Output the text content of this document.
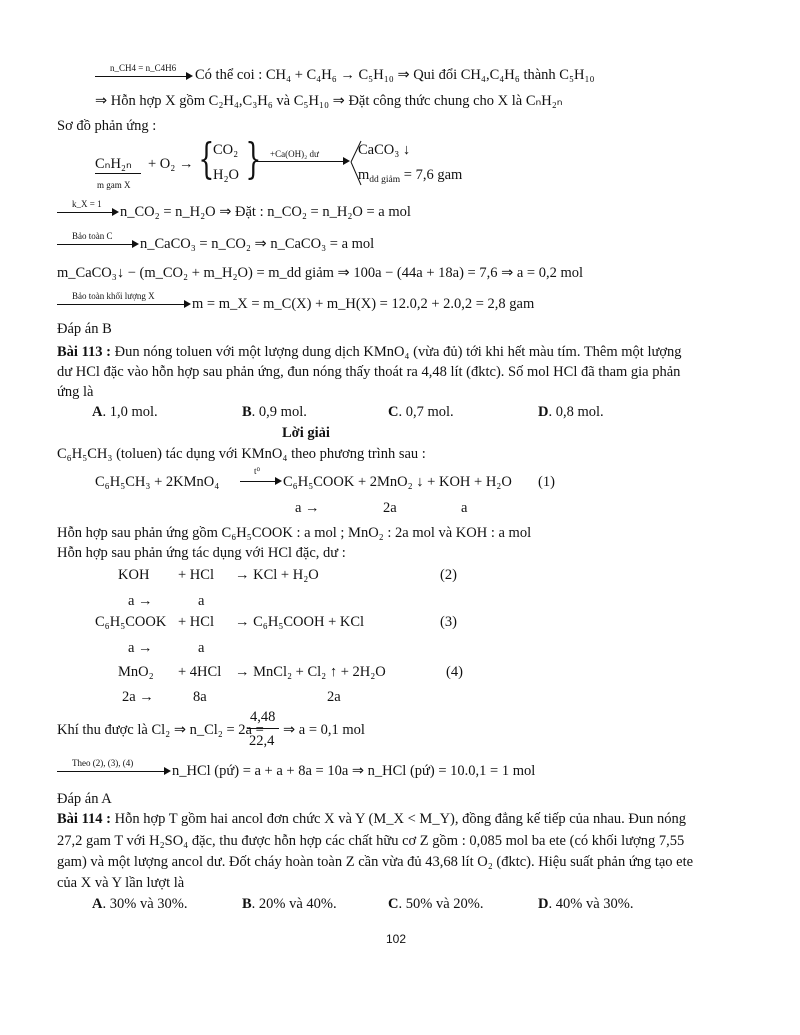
n_CH4 = n_C4H6 Có thể coi : CH₄ + C₄H₆ → C₅H₁₀ ⇒ Qui đổi CH₄,C₄H₆ thành C₅H₁₀
⇒ Hỗn hợp X gồm C₂H₄,C₃H₆ và C₅H₁₀ ⇒ Đặt công thức chung cho X là CₙH₂ₙ
Sơ đồ phản ứng :
CₙH₂ₙ
m gam X
+ O₂ → {
CO₂
H₂O } +Ca(OH)₂ dư	CaCO₃ ↓
$m_{dd giảm} = 7,6$ gam
k_X = 1 n_CO₂ = n_H₂O ⇒ Đặt : n_CO₂ = n_H₂O = a mol
Bảo toàn C n_CaCO₃ = n_CO₂ ⇒ n_CaCO₃ = a mol
m_CaCO₃↓ − (m_CO₂ + m_H₂O) = m_dd giảm ⇒ 100a − (44a + 18a) = 7,6 ⇒ a = 0,2 mol
Bảo toàn khối lượng X	m = m_X = m_C(X) + m_H(X) = 12.0,2 + 2.0,2 = 2,8 gam
Đáp án B
Bài 113 : Đun nóng toluen với một lượng dung dịch KMnO₄ (vừa đủ) tới khi hết màu tím. Thêm một lượng
dư HCl đặc vào hỗn hợp sau phản ứng, đun nóng thấy thoát ra 4,48 lít (đktc). Số mol HCl đã tham gia phản
ứng là
A. 1,0 mol.	B. 0,9 mol.	C. 0,7 mol.	D. 0,8 mol.
Lời giải
C₆H₅CH₃ (toluen) tác dụng với KMnO₄ theo phương trình sau :
C₆H₅CH₃ + 2KMnO₄
t⁰
C₆H₅COOK + 2MnO₂ ↓ + KOH + H₂O (1)
a →	2a	a
Hỗn hợp sau phản ứng gồm C₆H₅COOK : a mol ; MnO₂ : 2a mol và KOH : a mol
Hỗn hợp sau phản ứng tác dụng với HCl đặc, dư :
KOH + HCl → KCl + H₂O	(2)
a →	a
C₆H₅COOK + HCl → C₆H₅COOH + KCl	(3)
a →	a
MnO₂ + 4HCl → MnCl₂ + Cl₂ ↑ + 2H₂O	(4)
2a →	8a	2a
Khí thu được là Cl₂ ⇒ n_Cl₂ = 2a =
4,48
22,4
⇒ a = 0,1 mol
Theo (2), (3), (4)	n_HCl (pứ) = a + a + 8a = 10a ⇒ n_HCl (pứ) = 10.0,1 = 1 mol
Đáp án A
Bài 114 : Hỗn hợp T gồm hai ancol đơn chức X và Y (M_X < M_Y), đồng đẳng kế tiếp của nhau. Đun nóng
27,2 gam T với H₂SO₄ đặc, thu được hỗn hợp các chất hữu cơ Z gồm : 0,085 mol ba ete (có khối lượng 7,55
gam) và một lượng ancol dư. Đốt cháy hoàn toàn Z cần vừa đủ 43,68 lít O₂ (đktc). Hiệu suất phản ứng tạo ete
của X và Y lần lượt là
A. 30% và 30%.	B. 20% và 40%.	C. 50% và 20%.	D. 40% và 30%.
102
